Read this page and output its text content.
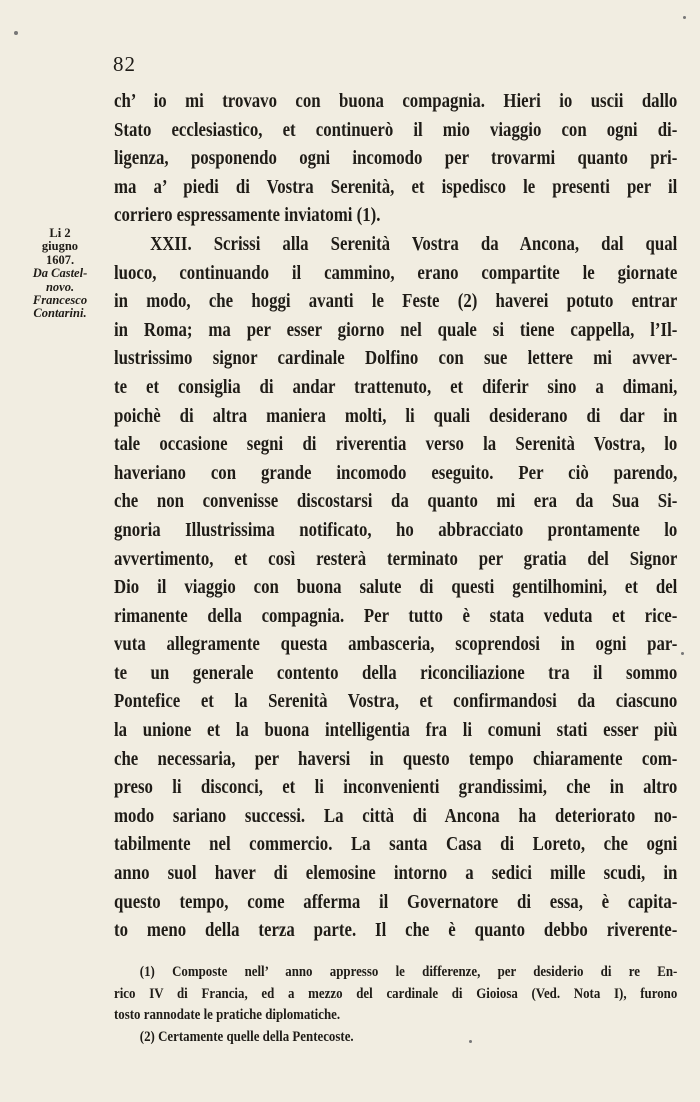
82
Li 2
giugno
1607.
Da Castel-
novo.
Francesco
Contarini.
ch’ io mi trovavo con buona compagnia. Hieri io uscii dallo
Stato ecclesiastico, et continuerò il mio viaggio con ogni di-
ligenza, posponendo ogni incomodo per trovarmi quanto pri-
ma a’ piedi di Vostra Serenità, et ispedisco le presenti per il
corriero espressamente inviatomi (1).
XXII. Scrissi alla Serenità Vostra da Ancona, dal qual
luoco, continuando il cammino, erano compartite le giornate
in modo, che hoggi avanti le Feste (2) haverei potuto entrar
in Roma; ma per esser giorno nel quale si tiene cappella, l’Il-
lustrissimo signor cardinale Dolfino con sue lettere mi avver-
te et consiglia di andar trattenuto, et diferir sino a dimani,
poichè di altra maniera molti, li quali desiderano di dar in
tale occasione segni di riverentia verso la Serenità Vostra, lo
haveriano con grande incomodo eseguito. Per ciò parendo,
che non convenisse discostarsi da quanto mi era da Sua Si-
gnoria Illustrissima notificato, ho abbracciato prontamente lo
avvertimento, et così resterà terminato per gratia del Signor
Dio il viaggio con buona salute di questi gentilhomini, et del
rimanente della compagnia. Per tutto è stata veduta et rice-
vuta allegramente questa ambasceria, scoprendosi in ogni par-
te un generale contento della riconciliazione tra il sommo
Pontefice et la Serenità Vostra, et confirmandosi da ciascuno
la unione et la buona intelligentia fra li comuni stati esser più
che necessaria, per haversi in questo tempo chiaramente com-
preso li disconci, et li inconvenienti grandissimi, che in altro
modo sariano successi. La città di Ancona ha deteriorato no-
tabilmente nel commercio. La santa Casa di Loreto, che ogni
anno suol haver di elemosine intorno a sedici mille scudi, in
questo tempo, come afferma il Governatore di essa, è capita-
to meno della terza parte. Il che è quanto debbo riverente-
(1) Composte nell’ anno appresso le differenze, per desiderio di re En-
rico IV di Francia, ed a mezzo del cardinale di Gioiosa (Ved. Nota I), furono
tosto rannodate le pratiche diplomatiche.
(2) Certamente quelle della Pentecoste.
